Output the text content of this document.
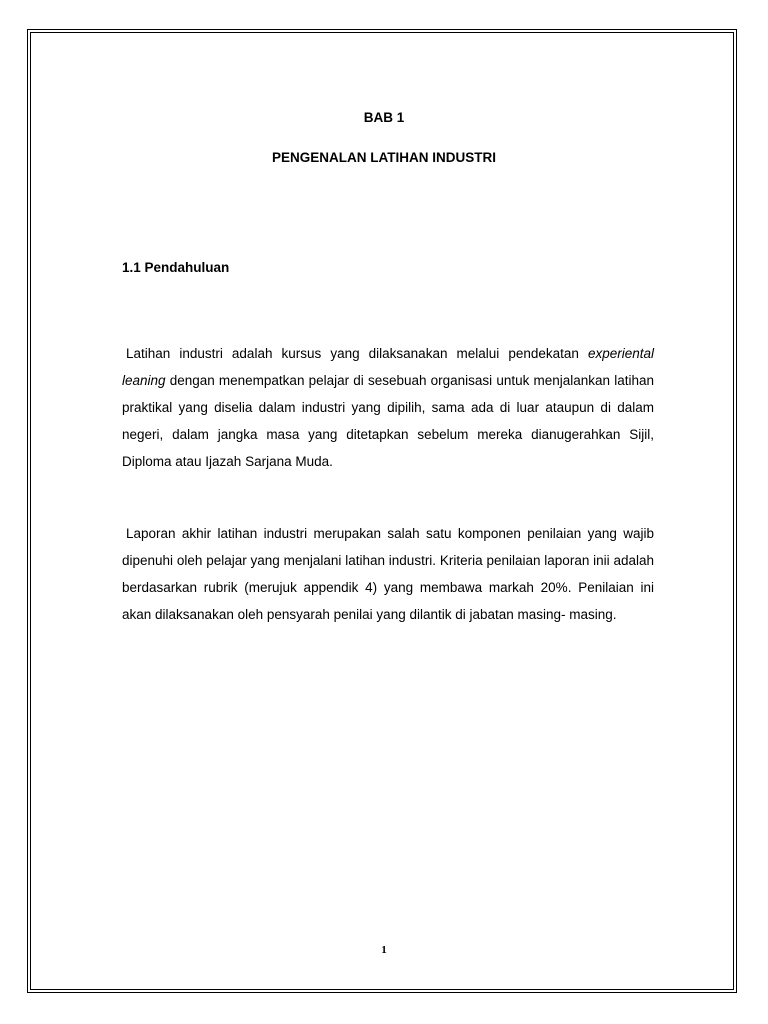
BAB 1
PENGENALAN LATIHAN INDUSTRI
1.1 Pendahuluan

Latihan industri adalah kursus yang dilaksanakan melalui pendekatan experiental leaning dengan menempatkan pelajar di sesebuah organisasi untuk menjalankan latihan praktikal yang diselia dalam industri yang dipilih, sama ada di luar ataupun di dalam negeri, dalam jangka masa yang ditetapkan sebelum mereka dianugerahkan Sijil, Diploma atau Ijazah Sarjana Muda.

Laporan akhir latihan industri merupakan salah satu komponen penilaian yang wajib dipenuhi oleh pelajar yang menjalani latihan industri. Kriteria penilaian laporan inii adalah berdasarkan rubrik (merujuk appendik 4) yang membawa markah 20%. Penilaian ini akan dilaksanakan oleh pensyarah penilai yang dilantik di jabatan masing- masing.

1
